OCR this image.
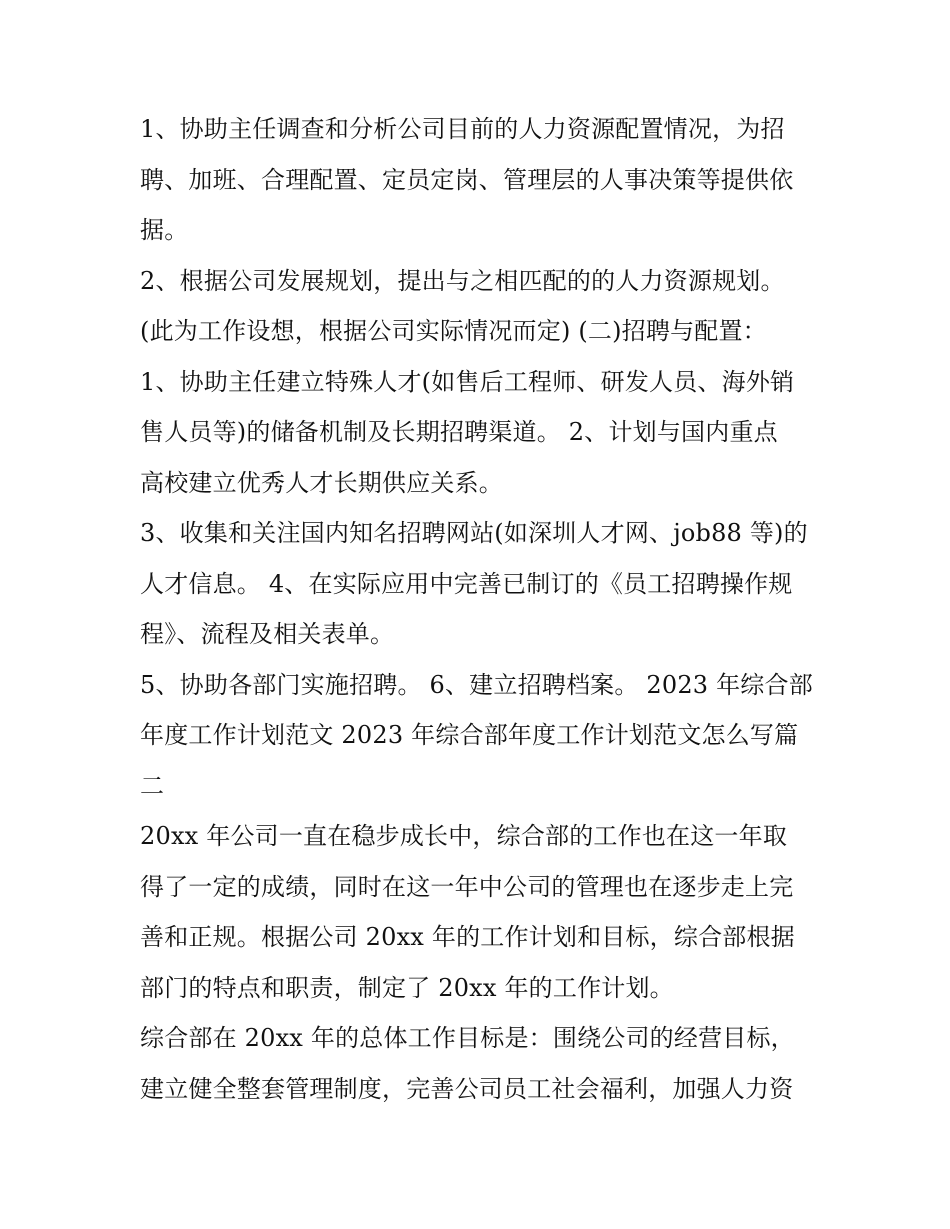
1、协助主任调查和分析公司目前的人力资源配置情况，为招
聘、加班、合理配置、定员定岗、管理层的人事决策等提供依
据。
2、根据公司发展规划，提出与之相匹配的的人力资源规划。
(此为工作设想，根据公司实际情况而定) (二)招聘与配置：
1、协助主任建立特殊人才(如售后工程师、研发人员、海外销
售人员等)的储备机制及长期招聘渠道。 2、计划与国内重点
高校建立优秀人才长期供应关系。
3、收集和关注国内知名招聘网站(如深圳人才网、job88 等)的
人才信息。 4、在实际应用中完善已制订的《员工招聘操作规
程》、流程及相关表单。
5、协助各部门实施招聘。 6、建立招聘档案。 2023 年综合部
年度工作计划范文 2023 年综合部年度工作计划范文怎么写篇
二
20xx 年公司一直在稳步成长中，综合部的工作也在这一年取
得了一定的成绩，同时在这一年中公司的管理也在逐步走上完
善和正规。根据公司 20xx 年的工作计划和目标，综合部根据
部门的特点和职责，制定了 20xx 年的工作计划。
综合部在 20xx 年的总体工作目标是：围绕公司的经营目标，
建立健全整套管理制度，完善公司员工社会福利，加强人力资
